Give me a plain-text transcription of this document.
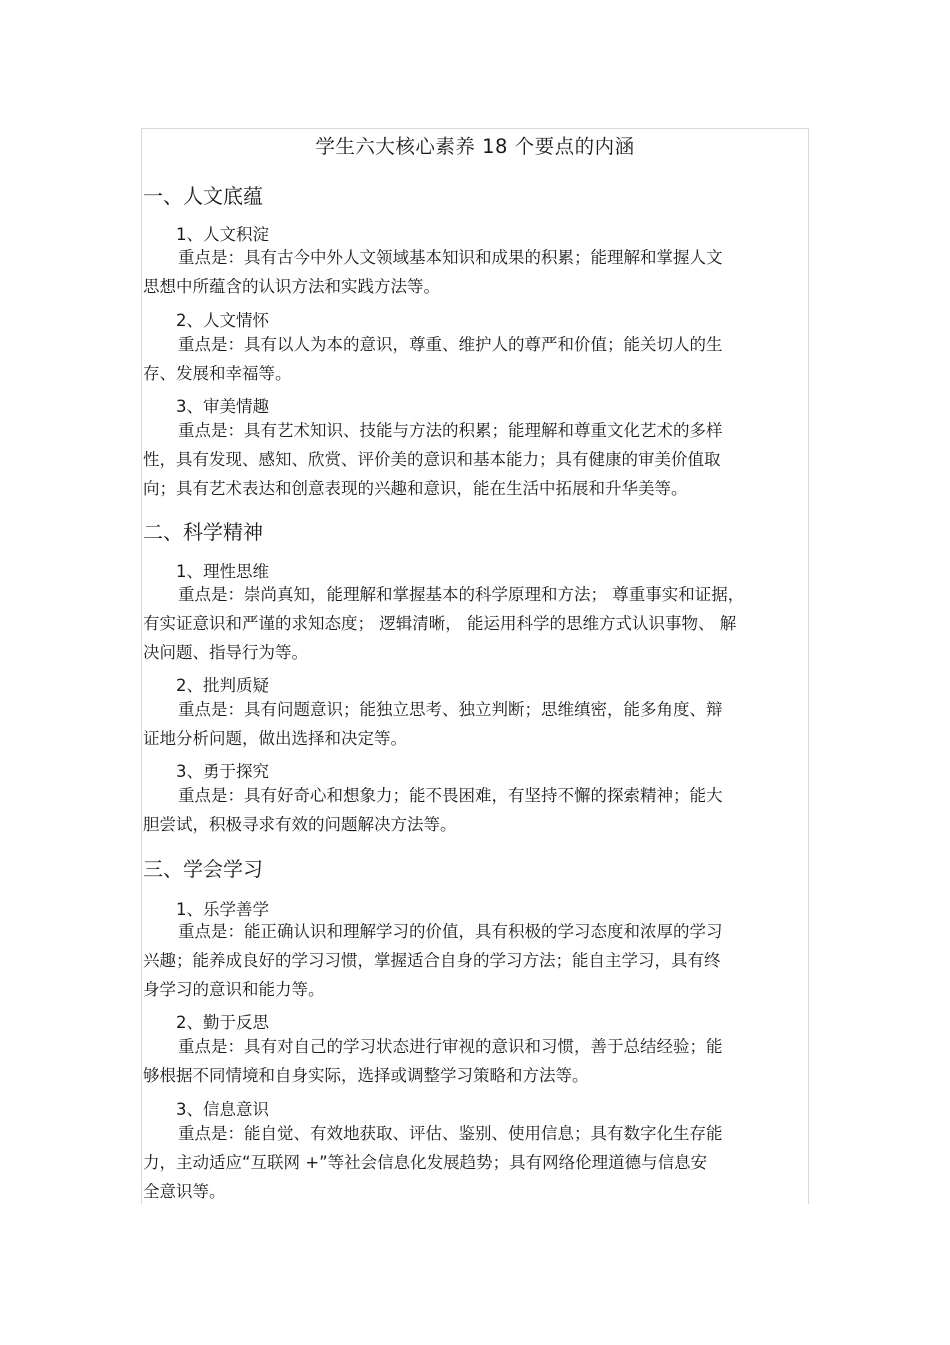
学生六大核心素养 18 个要点的内涵
一、人文底蕴
1、人文积淀
重点是：具有古今中外人文领域基本知识和成果的积累；能理解和掌握人文
思想中所蕴含的认识方法和实践方法等。
2、人文情怀
重点是：具有以人为本的意识，尊重、维护人的尊严和价值；能关切人的生
存、发展和幸福等。
3、审美情趣
重点是：具有艺术知识、技能与方法的积累；能理解和尊重文化艺术的多样
性，具有发现、感知、欣赏、评价美的意识和基本能力；具有健康的审美价值取
向；具有艺术表达和创意表现的兴趣和意识，能在生活中拓展和升华美等。
二、科学精神
1、理性思维
重点是：崇尚真知，能理解和掌握基本的科学原理和方法； 尊重事实和证据，
有实证意识和严谨的求知态度； 逻辑清晰， 能运用科学的思维方式认识事物、 解
决问题、指导行为等。
2、批判质疑
重点是：具有问题意识；能独立思考、独立判断；思维缜密，能多角度、辩
证地分析问题，做出选择和决定等。
3、勇于探究
重点是：具有好奇心和想象力；能不畏困难，有坚持不懈的探索精神；能大
胆尝试，积极寻求有效的问题解决方法等。
三、学会学习
1、乐学善学
重点是：能正确认识和理解学习的价值，具有积极的学习态度和浓厚的学习
兴趣；能养成良好的学习习惯，掌握适合自身的学习方法；能自主学习，具有终
身学习的意识和能力等。
2、勤于反思
重点是：具有对自己的学习状态进行审视的意识和习惯，善于总结经验；能
够根据不同情境和自身实际，选择或调整学习策略和方法等。
3、信息意识
重点是：能自觉、有效地获取、评估、鉴别、使用信息；具有数字化生存能
力，主动适应“互联网 +”等社会信息化发展趋势；具有网络伦理道德与信息安
全意识等。
